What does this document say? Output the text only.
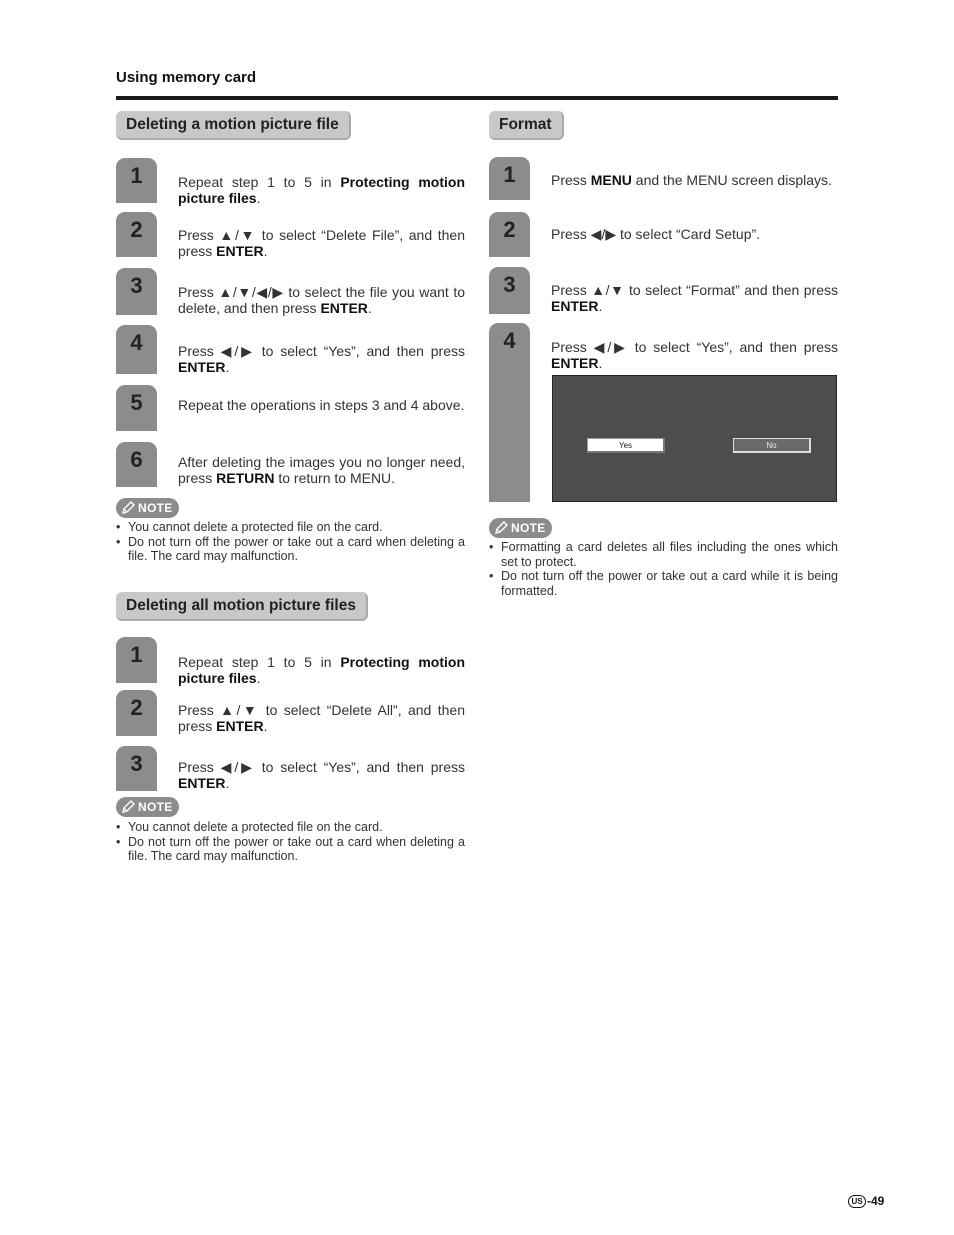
Using memory card
Deleting a motion picture file
1	Repeat step 1 to 5 in Protecting motion picture files.
2	Press ▲/▼ to select “Delete File”, and then press ENTER.
3	Press ▲/▼/◀/▶ to select the file you want to delete, and then press ENTER.
4	Press ◀/▶ to select “Yes”, and then press ENTER.
5	Repeat the operations in steps 3 and 4 above.
6	After deleting the images you no longer need, press RETURN to return to MENU.
NOTE
• You cannot delete a protected file on the card.
• Do not turn off the power or take out a card when deleting a file. The card may malfunction.
Deleting all motion picture files
1	Repeat step 1 to 5 in Protecting motion picture files.
2	Press ▲/▼ to select “Delete All”, and then press ENTER.
3	Press ◀/▶ to select “Yes”, and then press ENTER.
NOTE
• You cannot delete a protected file on the card.
• Do not turn off the power or take out a card when deleting a file. The card may malfunction.
Format
1	Press MENU and the MENU screen displays.
2	Press ◀/▶ to select “Card Setup”.
3	Press ▲/▼ to select “Format” and then press ENTER.
4	Press ◀/▶ to select “Yes”, and then press ENTER.
Yes	No
NOTE
• Formatting a card deletes all files including the ones which set to protect.
• Do not turn off the power or take out a card while it is being formatted.
US -49
